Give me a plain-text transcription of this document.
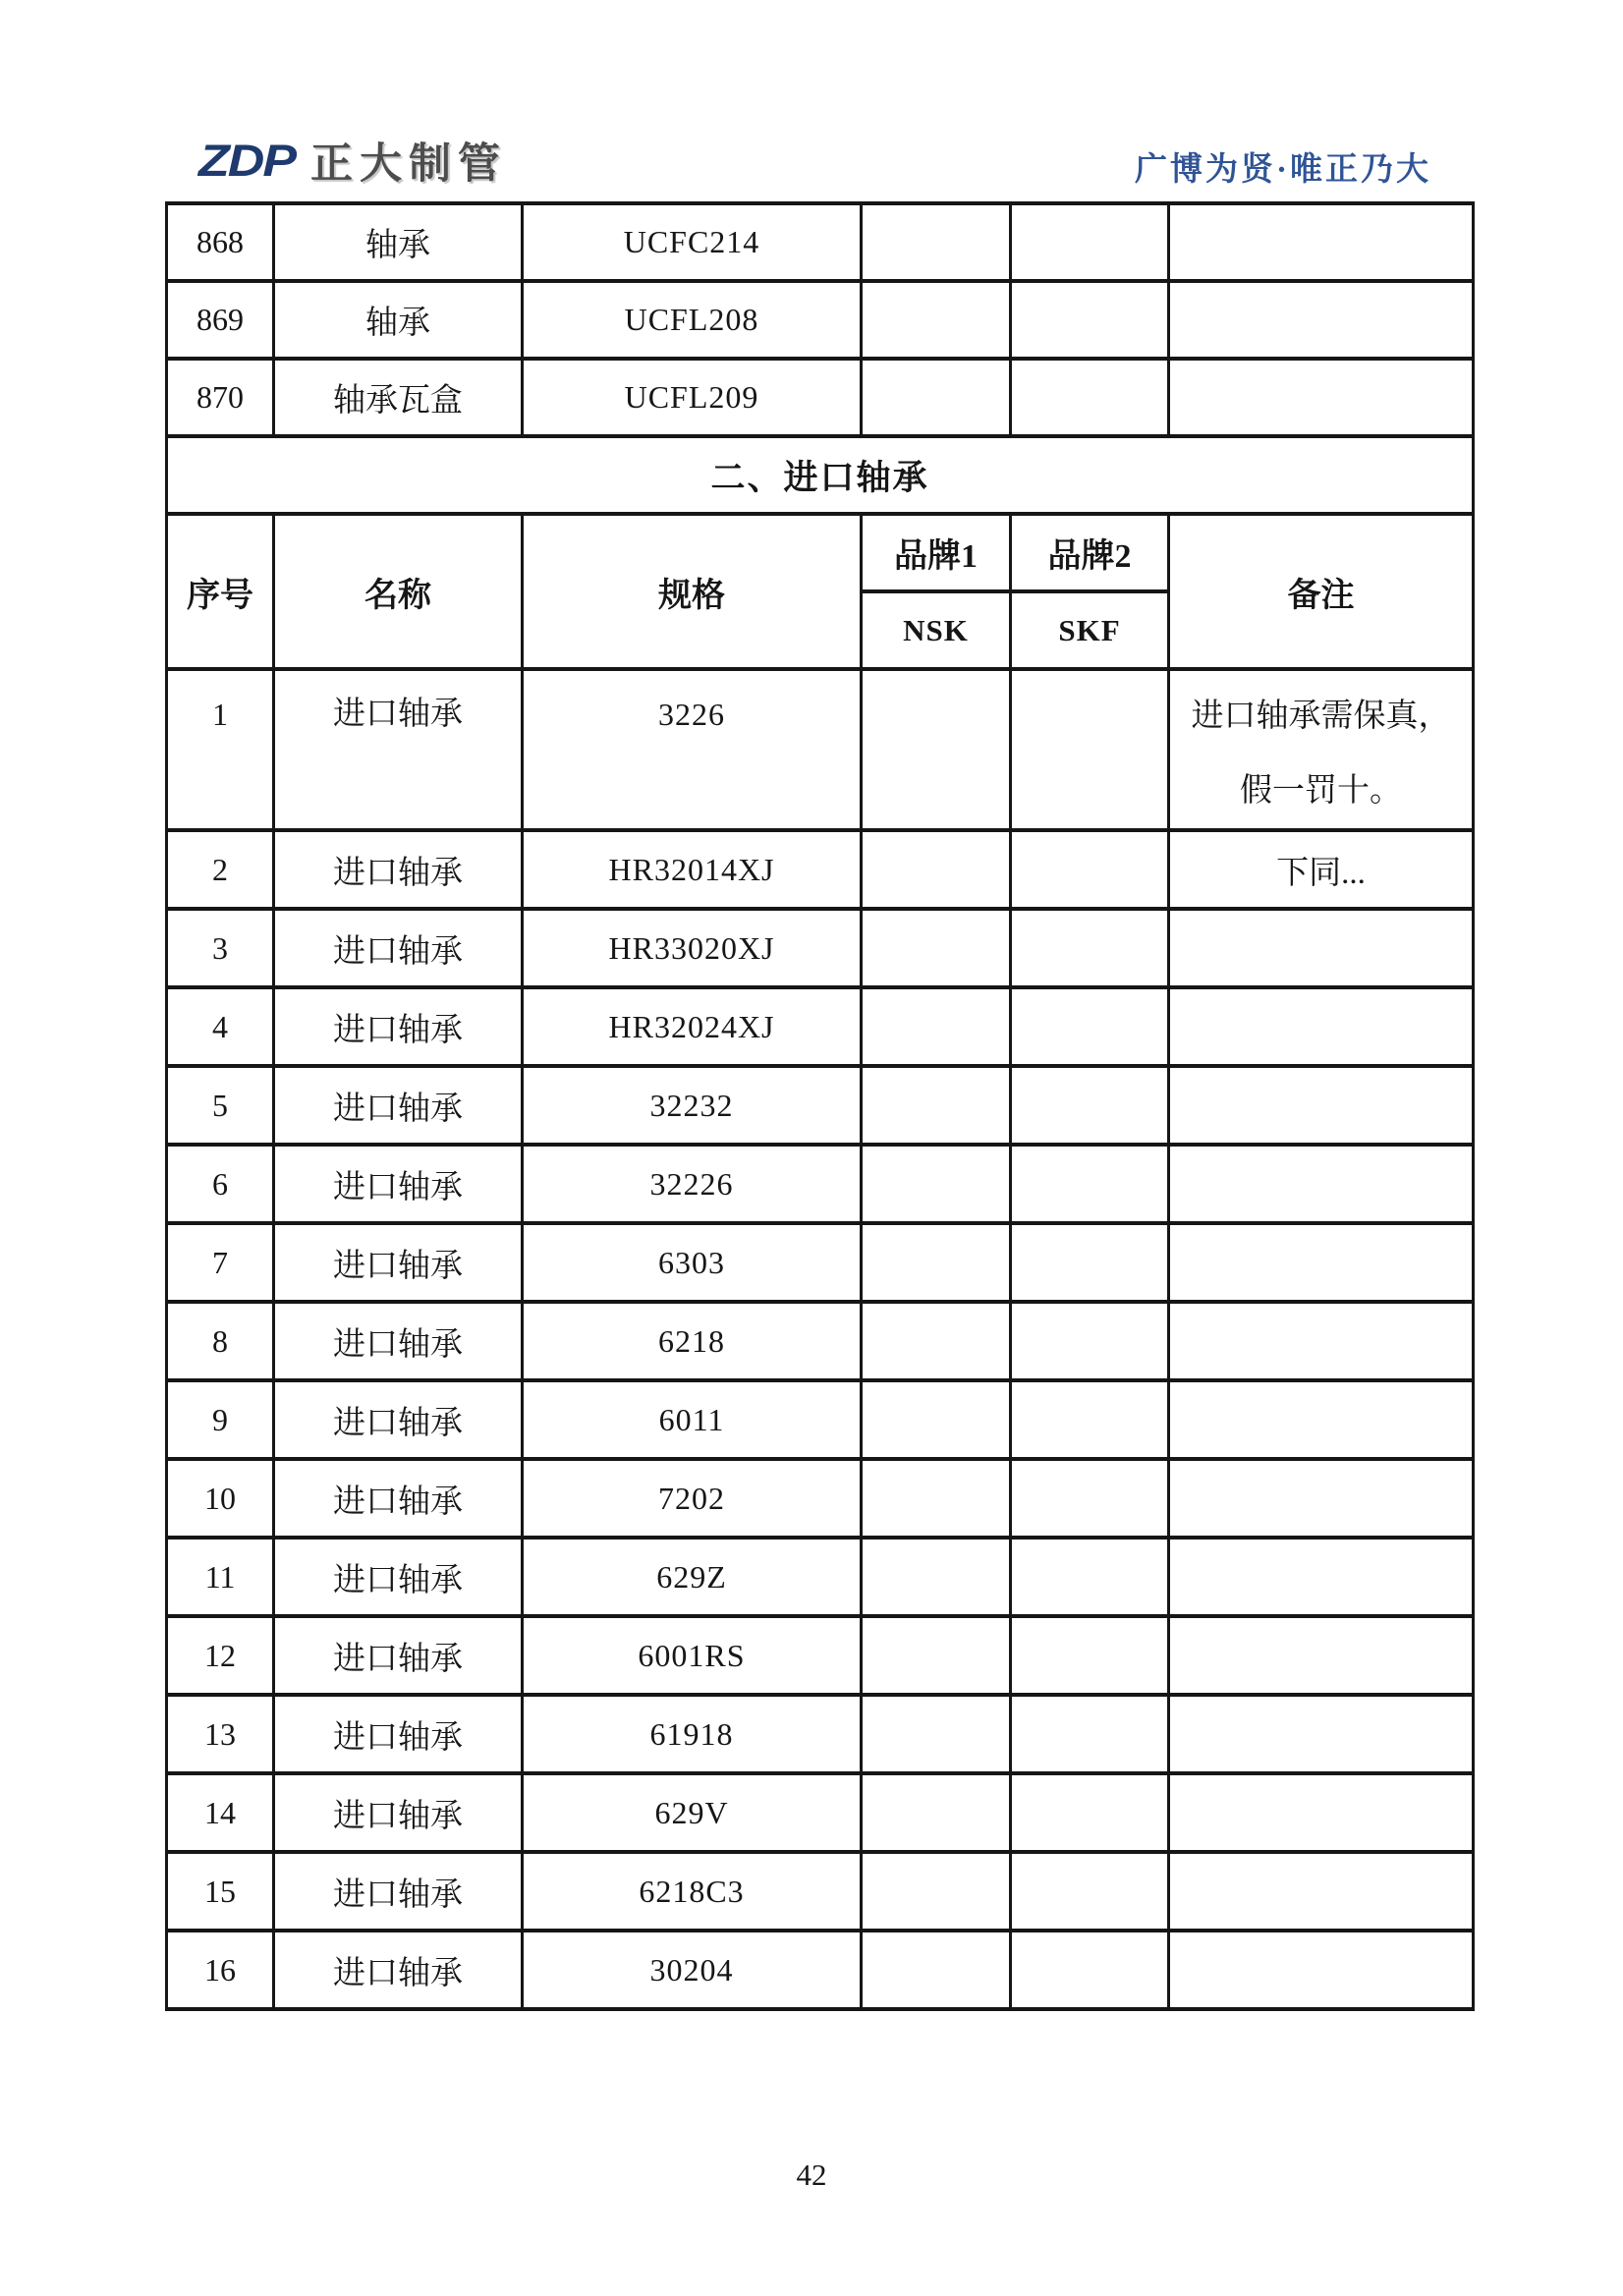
ZDP 正大制管	广博为贤·唯正乃大
868	轴承	UCFC214			
869	轴承	UCFL208			
870	轴承瓦盒	UCFL209			
二、进口轴承					
序号	名称	规格	品牌1	品牌2	备注
			NSK	SKF	

1	进口轴承	3226			进口轴承需保真，
假一罚十。

2	进口轴承	HR32014XJ			下同...
3	进口轴承	HR33020XJ			
4	进口轴承	HR32024XJ			
5	进口轴承	32232			
6	进口轴承	32226			
7	进口轴承	6303			
8	进口轴承	6218			
9	进口轴承	6011			
10	进口轴承	7202			
11	进口轴承	629Z			
12	进口轴承	6001RS			
13	进口轴承	61918			
14	进口轴承	629V			
15	进口轴承	6218C3			
16	进口轴承	30204			
42
